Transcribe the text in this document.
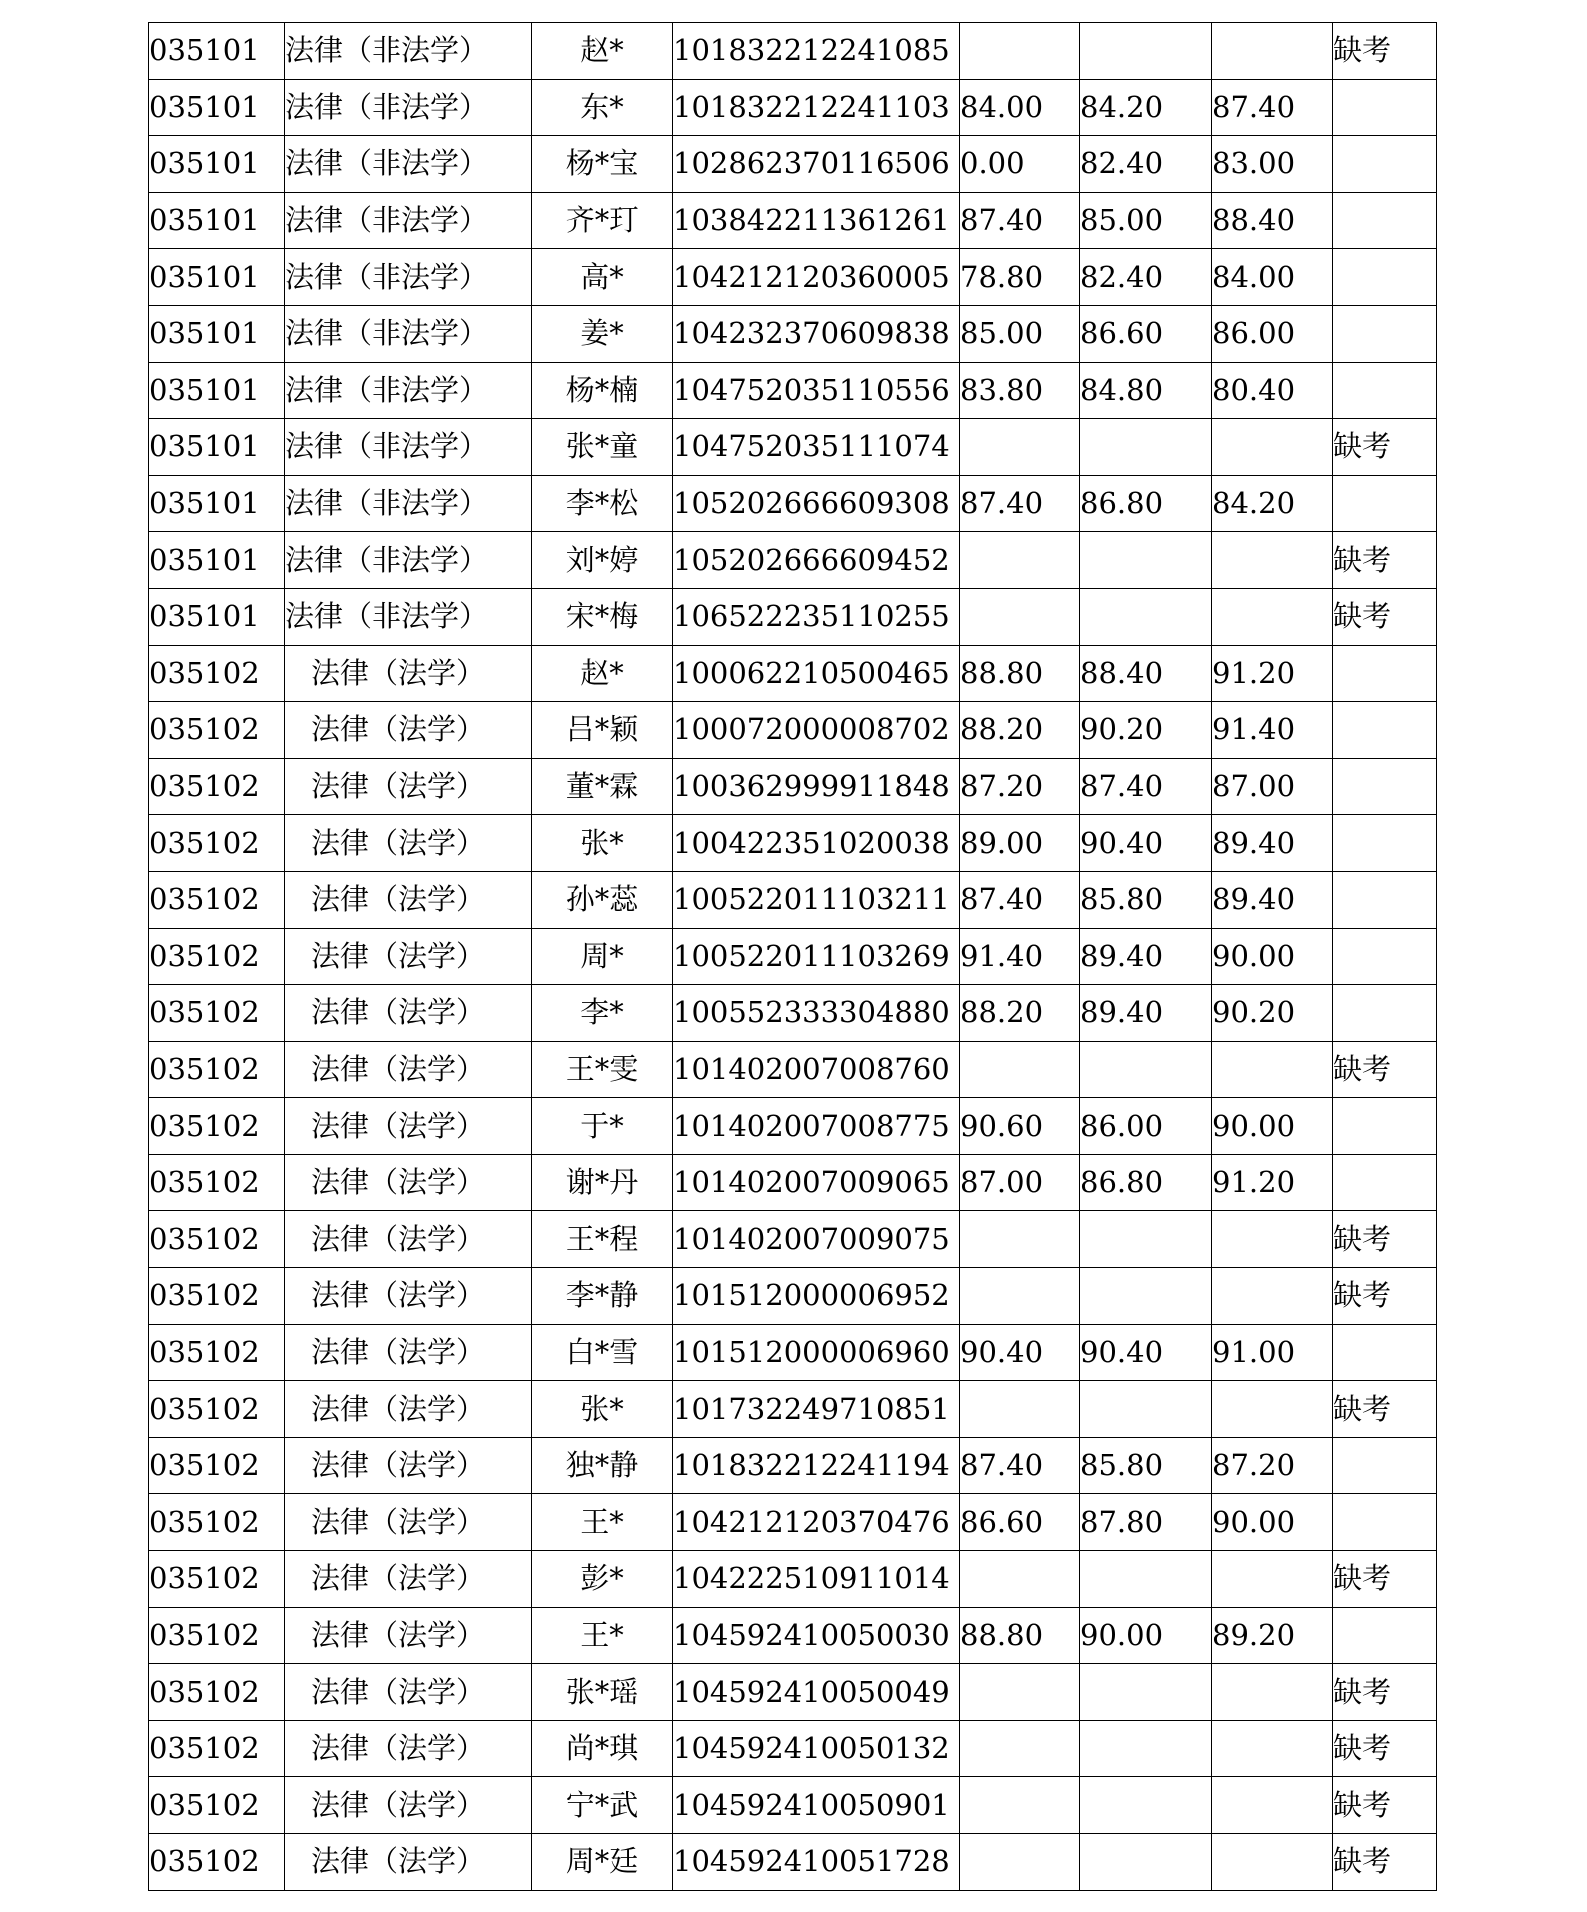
035101	法律（非法学）	赵*	101832212241085				缺考
035101	法律（非法学）	东*	101832212241103	84.00	84.20	87.40	
035101	法律（非法学）	杨*宝	102862370116506	0.00	82.40	83.00	
035101	法律（非法学）	齐*玎	103842211361261	87.40	85.00	88.40	
035101	法律（非法学）	高*	104212120360005	78.80	82.40	84.00	
035101	法律（非法学）	姜*	104232370609838	85.00	86.60	86.00	
035101	法律（非法学）	杨*楠	104752035110556	83.80	84.80	80.40	
035101	法律（非法学）	张*童	104752035111074				缺考
035101	法律（非法学）	李*松	105202666609308	87.40	86.80	84.20	
035101	法律（非法学）	刘*婷	105202666609452				缺考
035101	法律（非法学）	宋*梅	106522235110255				缺考
035102	法律（法学）	赵*	100062210500465	88.80	88.40	91.20	
035102	法律（法学）	吕*颖	100072000008702	88.20	90.20	91.40	
035102	法律（法学）	董*霖	100362999911848	87.20	87.40	87.00	
035102	法律（法学）	张*	100422351020038	89.00	90.40	89.40	
035102	法律（法学）	孙*蕊	100522011103211	87.40	85.80	89.40	
035102	法律（法学）	周*	100522011103269	91.40	89.40	90.00	
035102	法律（法学）	李*	100552333304880	88.20	89.40	90.20	
035102	法律（法学）	王*雯	101402007008760				缺考
035102	法律（法学）	于*	101402007008775	90.60	86.00	90.00	
035102	法律（法学）	谢*丹	101402007009065	87.00	86.80	91.20	
035102	法律（法学）	王*程	101402007009075				缺考
035102	法律（法学）	李*静	101512000006952				缺考
035102	法律（法学）	白*雪	101512000006960	90.40	90.40	91.00	
035102	法律（法学）	张*	101732249710851				缺考
035102	法律（法学）	独*静	101832212241194	87.40	85.80	87.20	
035102	法律（法学）	王*	104212120370476	86.60	87.80	90.00	
035102	法律（法学）	彭*	104222510911014				缺考
035102	法律（法学）	王*	104592410050030	88.80	90.00	89.20	
035102	法律（法学）	张*瑶	104592410050049				缺考
035102	法律（法学）	尚*琪	104592410050132				缺考
035102	法律（法学）	宁*武	104592410050901				缺考
035102	法律（法学）	周*廷	104592410051728				缺考
